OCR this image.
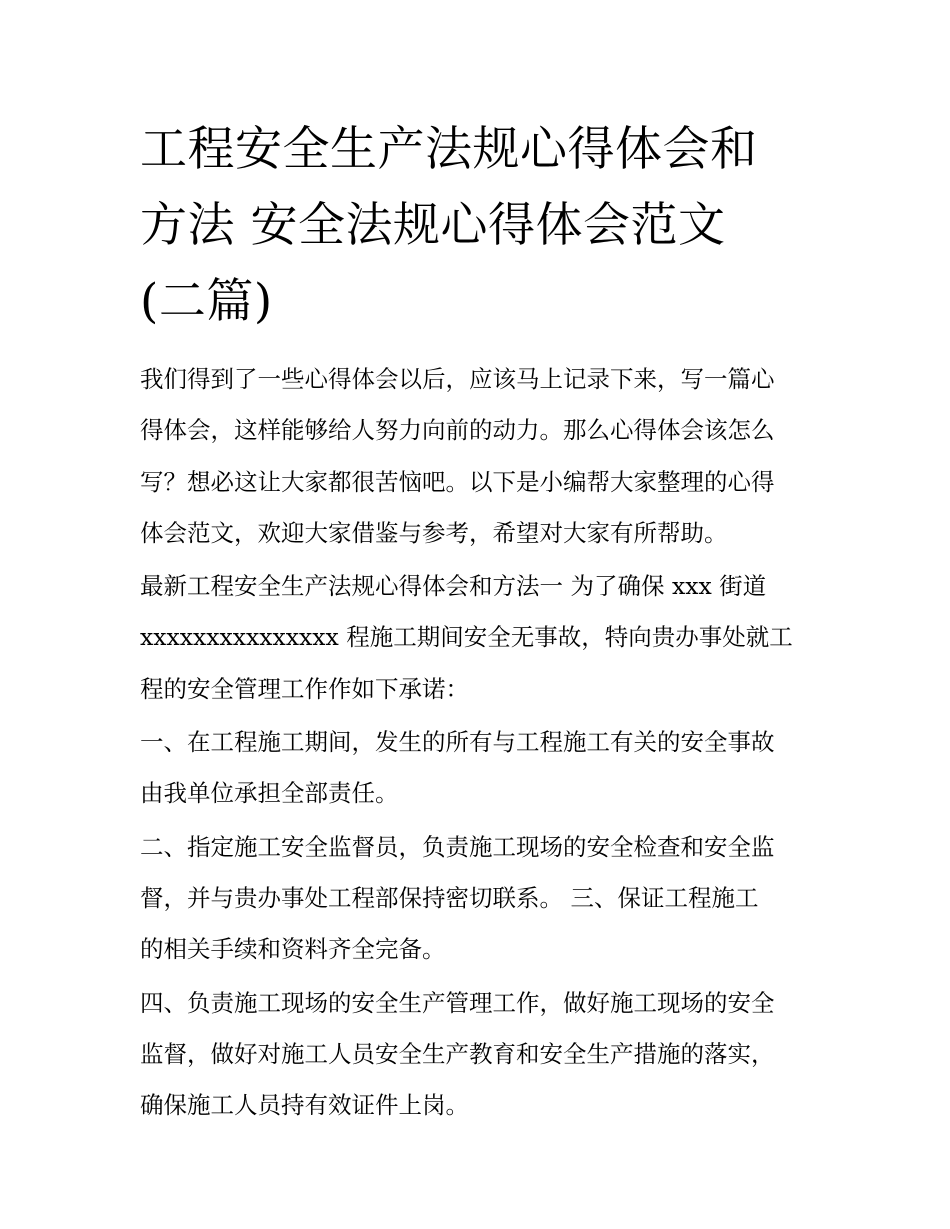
工程安全生产法规心得体会和
方法 安全法规心得体会范文
(二篇)

我们得到了一些心得体会以后，应该马上记录下来，写一篇心
得体会，这样能够给人努力向前的动力。那么心得体会该怎么
写？想必这让大家都很苦恼吧。以下是小编帮大家整理的心得
体会范文，欢迎大家借鉴与参考，希望对大家有所帮助。

最新工程安全生产法规心得体会和方法一 为了确保 xxx 街道
xxxxxxxxxxxxxxx 程施工期间安全无事故，特向贵办事处就工
程的安全管理工作作如下承诺：

一、在工程施工期间，发生的所有与工程施工有关的安全事故
由我单位承担全部责任。

二、指定施工安全监督员，负责施工现场的安全检查和安全监
督，并与贵办事处工程部保持密切联系。 三、保证工程施工
的相关手续和资料齐全完备。

四、负责施工现场的安全生产管理工作，做好施工现场的安全
监督，做好对施工人员安全生产教育和安全生产措施的落实，
确保施工人员持有效证件上岗。
